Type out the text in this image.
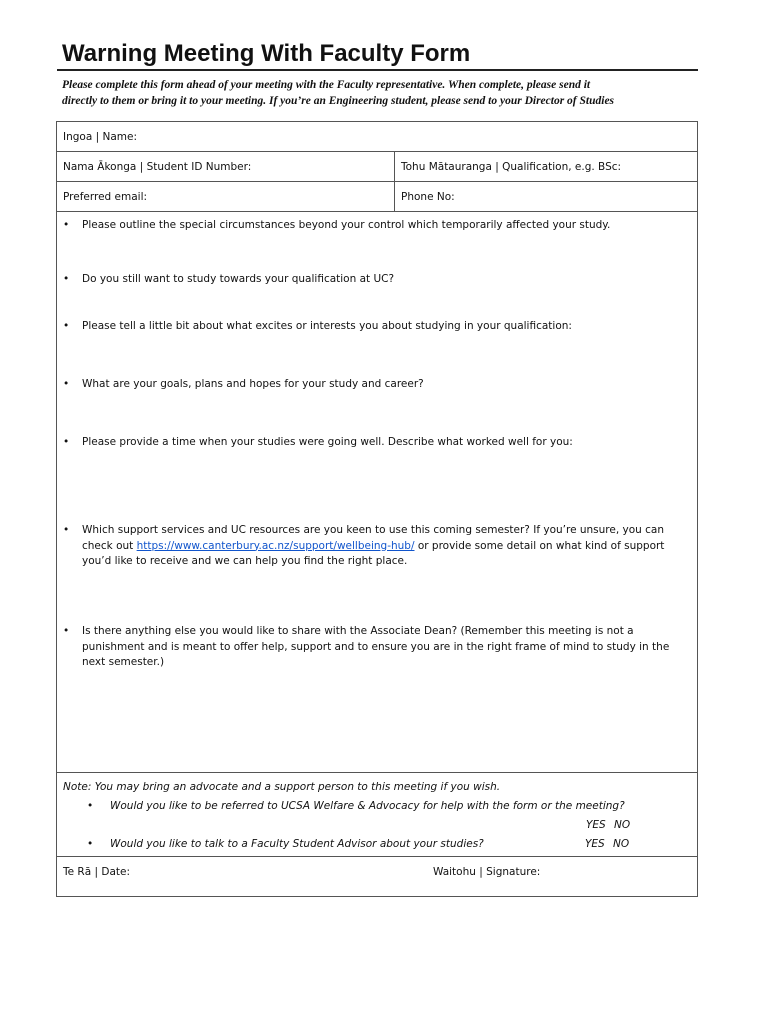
Warning Meeting With Faculty Form

Please complete this form ahead of your meeting with the Faculty representative. When complete, please send it
directly to them or bring it to your meeting. If you’re an Engineering student, please send to your Director of Studies

Ingoa | Name:
Nama Ākonga | Student ID Number:	Tohu Mātauranga | Qualification, e.g. BSc:
Preferred email:	Phone No:
• Please outline the special circumstances beyond your control which temporarily affected your study.
• Do you still want to study towards your qualification at UC?
• Please tell a little bit about what excites or interests you about studying in your qualification:
• What are your goals, plans and hopes for your study and career?
• Please provide a time when your studies were going well. Describe what worked well for you:
• Which support services and UC resources are you keen to use this coming semester? If you’re unsure, you can check out https://www.canterbury.ac.nz/support/wellbeing-hub/ or provide some detail on what kind of support you’d like to receive and we can help you find the right place.
• Is there anything else you would like to share with the Associate Dean? (Remember this meeting is not a punishment and is meant to offer help, support and to ensure you are in the right frame of mind to study in the next semester.)
Note: You may bring an advocate and a support person to this meeting if you wish.
• Would you like to be referred to UCSA Welfare & Advocacy for help with the form or the meeting?
YES NO
• Would you like to talk to a Faculty Student Advisor about your studies?	YES NO
Te Rā | Date:	Waitohu | Signature:
